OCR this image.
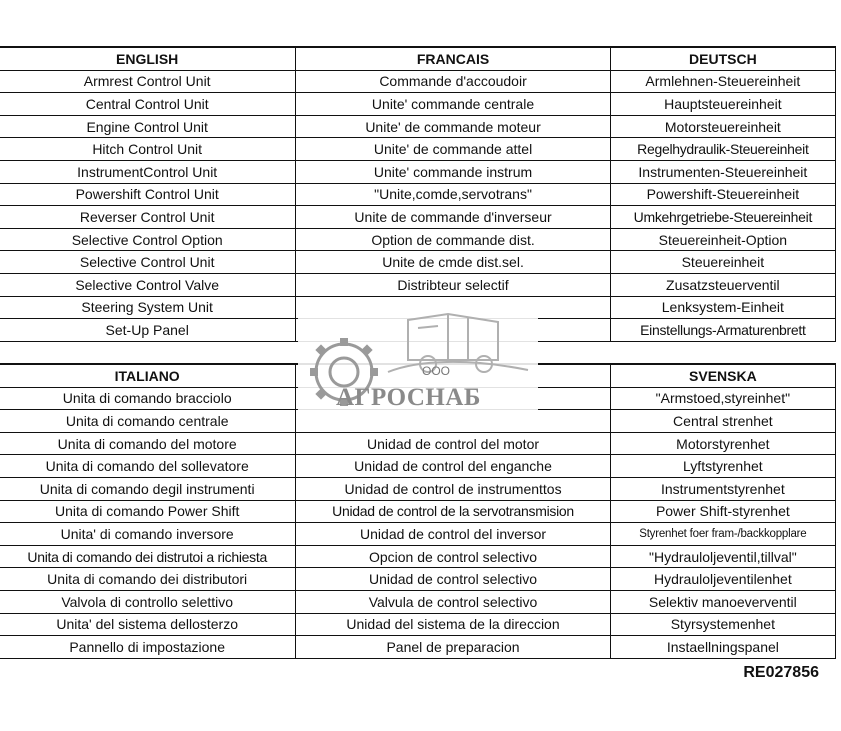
ENGLISH	FRANCAIS	DEUTSCH
Armrest Control Unit	Commande d'accoudoir	Armlehnen-Steuereinheit
Central Control Unit	Unite' commande centrale	Hauptsteuereinheit
Engine Control Unit	Unite' de commande moteur	Motorsteuereinheit
Hitch Control Unit	Unite' de commande attel	Regelhydraulik-Steuereinheit
InstrumentControl Unit	Unite' commande instrum	Instrumenten-Steuereinheit
Powershift Control Unit	"Unite,comde,servotrans"	Powershift-Steuereinheit
Reverser Control Unit	Unite de commande d'inverseur	Umkehrgetriebe-Steuereinheit
Selective Control Option	Option de commande dist.	Steuereinheit-Option
Selective Control Unit	Unite de cmde dist.sel.	Steuereinheit
Selective Control Valve	Distribteur selectif	Zusatzsteuerventil
Steering System Unit		Lenksystem-Einheit
Set-Up Panel		Einstellungs-Armaturenbrett
ITALIANO		SVENSKA
Unita di comando bracciolo		"Armstoed,styreinhet"
Unita di comando centrale		Central strenhet
Unita di comando del motore	Unidad de control del motor	Motorstyrenhet
Unita di comando del sollevatore	Unidad de control del enganche	Lyftstyrenhet
Unita di comando degil instrumenti	Unidad de control de instrumenttos	Instrumentstyrenhet
Unita di comando Power Shift	Unidad de control de la servotransmision	Power Shift-styrenhet
Unita' di comando inversore	Unidad de control del inversor	Styrenhet foer fram-/backkopplare
Unita di comando dei distrutoi a richiesta	Opcion de control selectivo	"Hydrauloljeventil,tillval"
Unita di comando dei distributori	Unidad de control selectivo	Hydrauloljeventilenhet
Valvola di controllo selettivo	Valvula de control selectivo	Selektiv manoeverventil
Unita' del sistema dellosterzo	Unidad del sistema de la direccion	Styrsystemenhet
Pannello di impostazione	Panel de preparacion	Instaellningspanel
ООО
АГРОСНАБ
RE027856
